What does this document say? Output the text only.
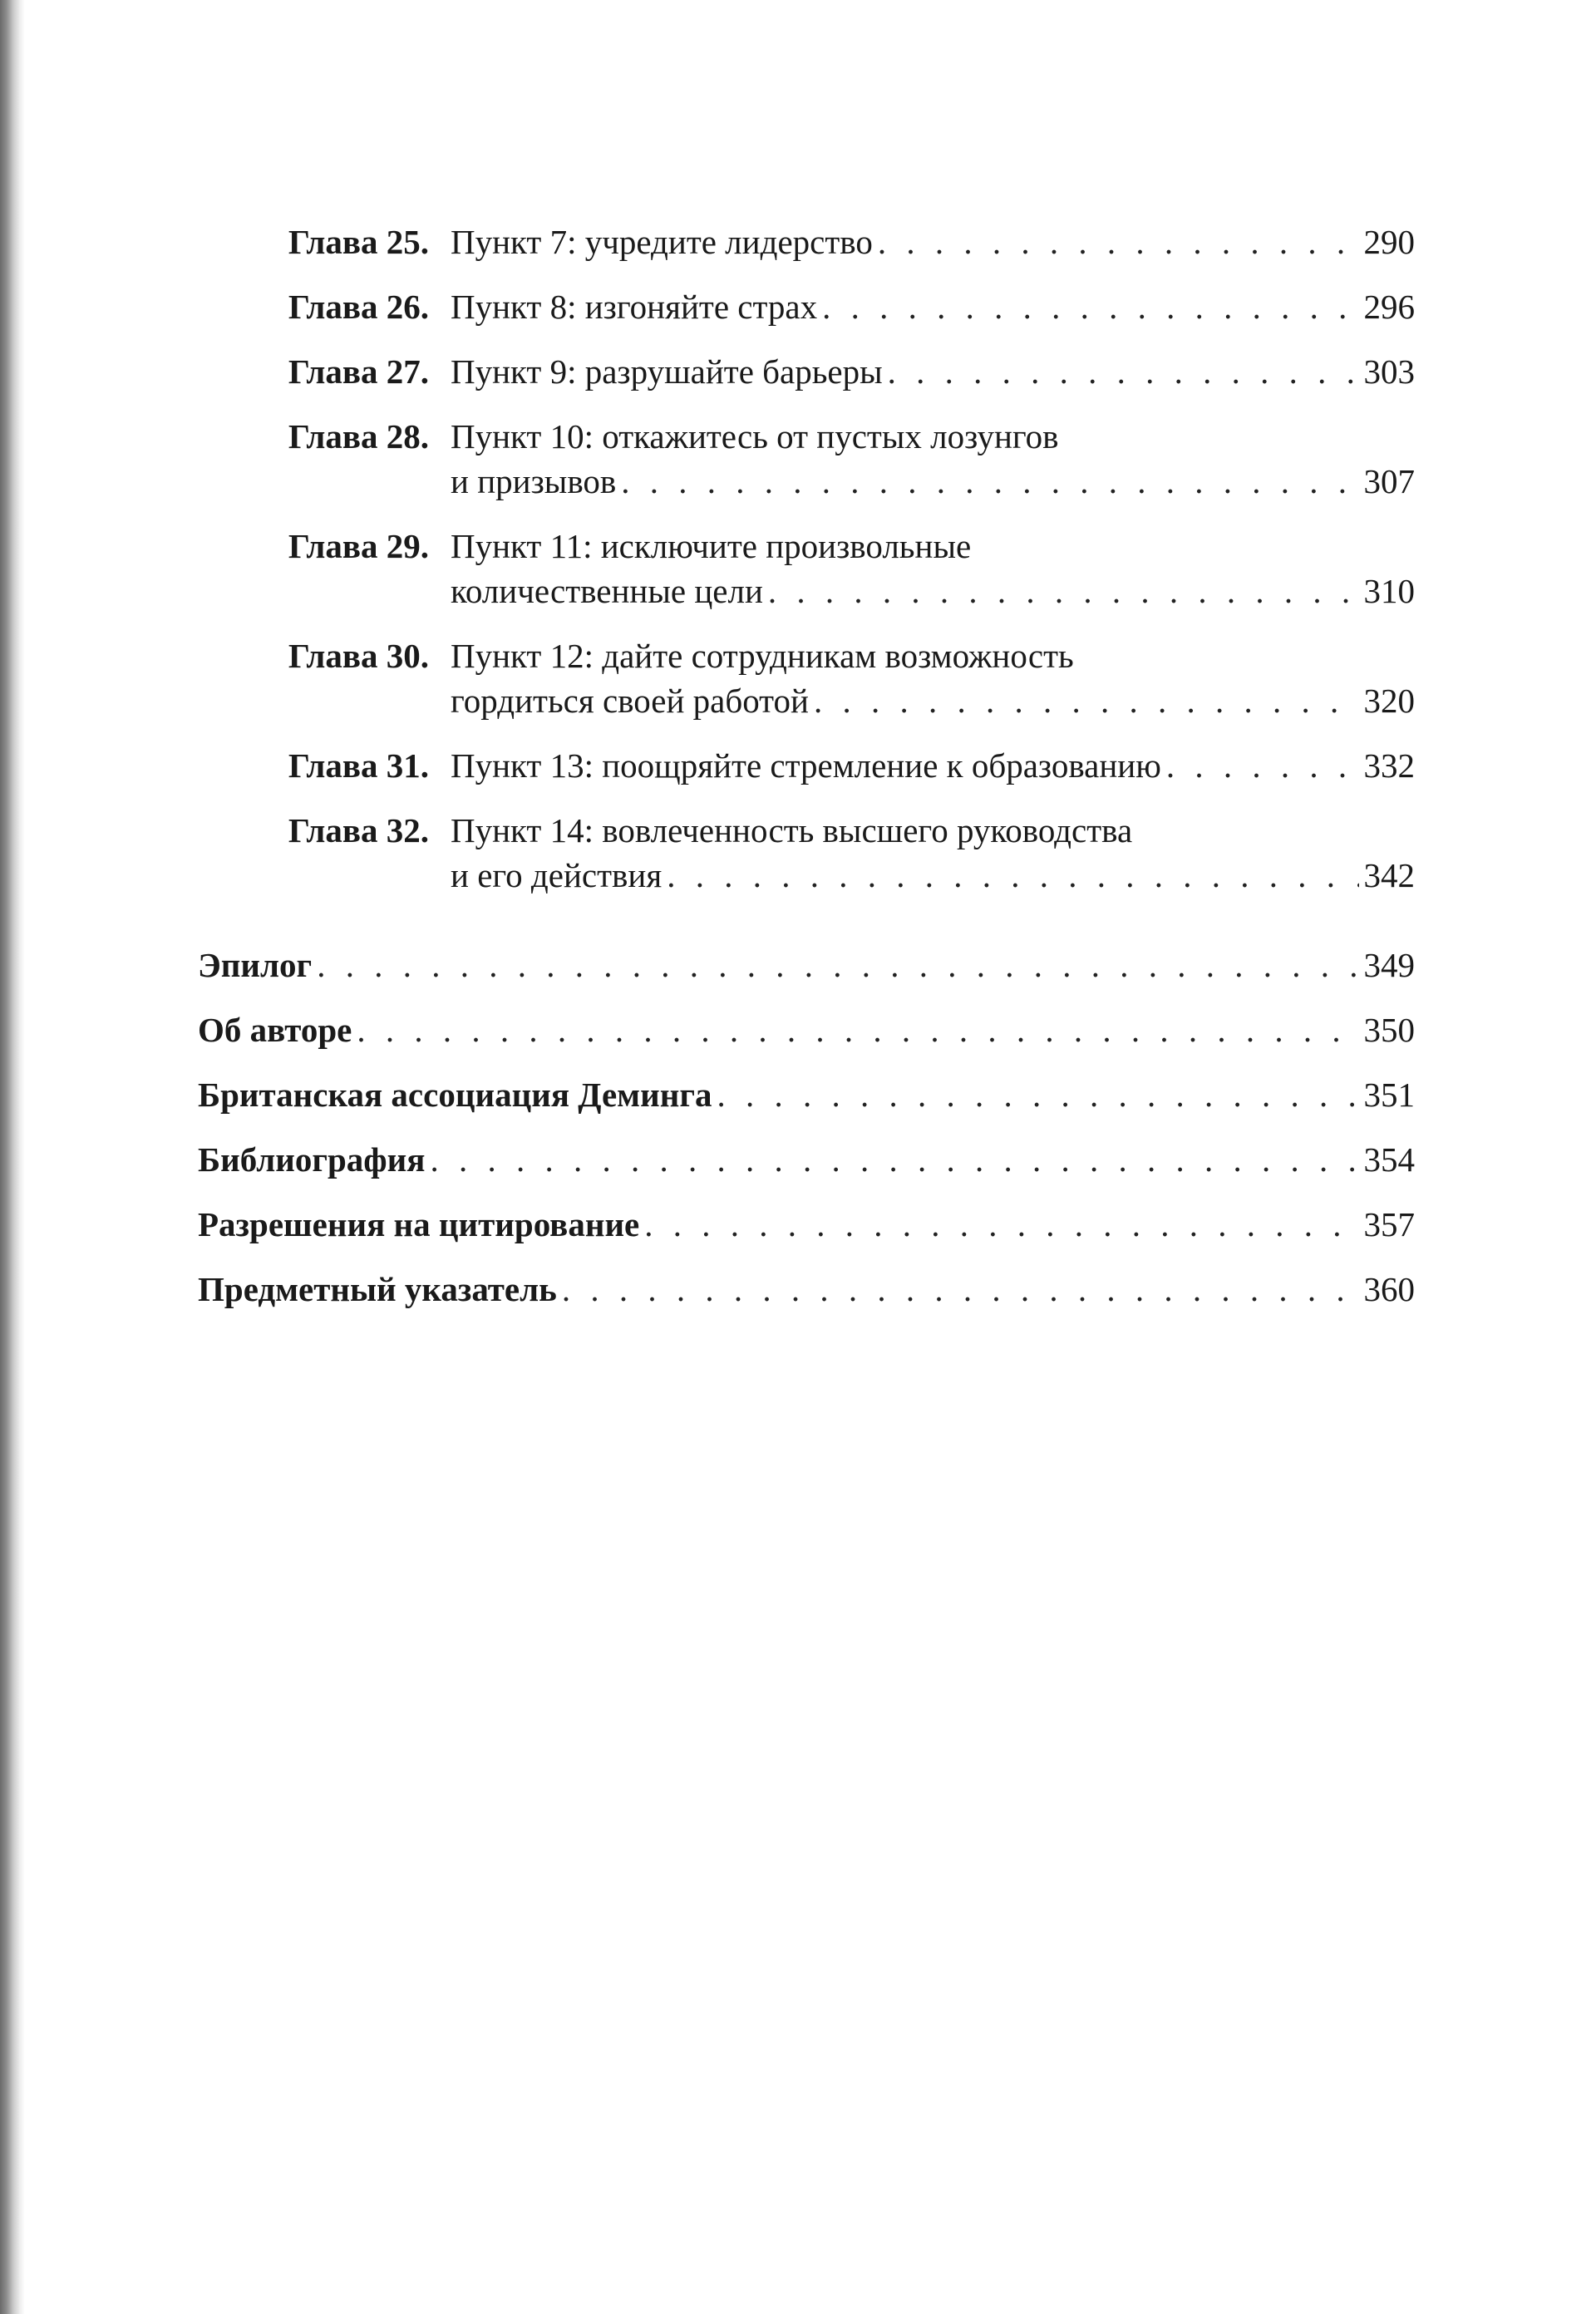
Глава 25. Пункт 7: учредите лидерство . . .	290
Глава 26. Пункт 8: изгоняйте страх . . .	296
Глава 27. Пункт 9: разрушайте барьеры . . .	303
Глава 28. Пункт 10: откажитесь от пустых лозунгов
и призывов . . .	307
Глава 29. Пункт 11: исключите произвольные
количественные цели . . .	310
Глава 30. Пункт 12: дайте сотрудникам возможность
гордиться своей работой . . .	320
Глава 31. Пункт 13: поощряйте стремление к образованию . . .	332
Глава 32. Пункт 14: вовлеченность высшего руководства
и его действия . . .	342
Эпилог . . .	349
Об авторе . . .	350
Британская ассоциация Деминга . . .	351
Библиография . . .	354
Разрешения на цитирование . . .	357
Предметный указатель . . .	360
